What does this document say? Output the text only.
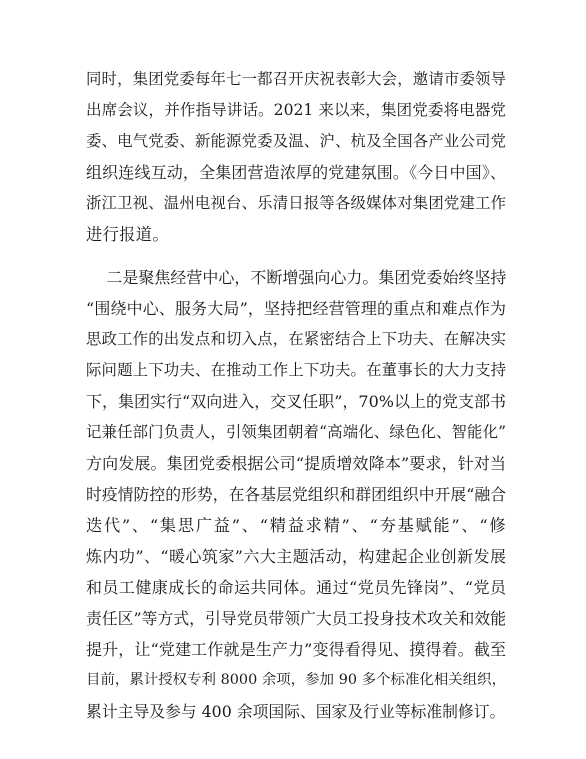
同时，集团党委每年七一都召开庆祝表彰大会，邀请市委领导
出席会议，并作指导讲话。2021 来以来，集团党委将电器党
委、电气党委、新能源党委及温、沪、杭及全国各产业公司党
组织连线互动，全集团营造浓厚的党建氛围。《今日中国》、
浙江卫视、温州电视台、乐清日报等各级媒体对集团党建工作
进行报道。
二是聚焦经营中心，不断增强向心力。集团党委始终坚持
“围绕中心、服务大局”，坚持把经营管理的重点和难点作为
思政工作的出发点和切入点，在紧密结合上下功夫、在解决实
际问题上下功夫、在推动工作上下功夫。在董事长的大力支持
下，集团实行“双向进入，交叉任职”，70%以上的党支部书
记兼任部门负责人，引领集团朝着“高端化、绿色化、智能化”
方向发展。集团党委根据公司“提质增效降本”要求，针对当
时疫情防控的形势，在各基层党组织和群团组织中开展“融合
迭代”、“集思广益”、“精益求精”、“夯基赋能”、“修
炼内功”、“暖心筑家”六大主题活动，构建起企业创新发展
和员工健康成长的命运共同体。通过“党员先锋岗”、“党员
责任区”等方式，引导党员带领广大员工投身技术攻关和效能
提升，让“党建工作就是生产力”变得看得见、摸得着。截至
目前，累计授权专利 8000 余项，参加 90 多个标准化相关组织，
累计主导及参与 400 余项国际、国家及行业等标准制修订。
